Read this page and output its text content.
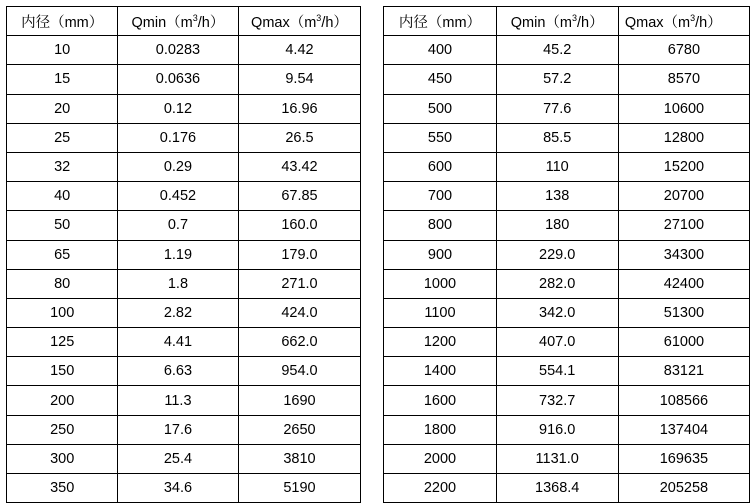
内径（mm）	$Qmin(m^3/h)$	$Qmax(m^3/h)$
10	0.0283	4.42
15	0.0636	9.54
20	0.12	16.96
25	0.176	26.5
32	0.29	43.42
40	0.452	67.85
50	0.7	160.0
65	1.19	179.0
80	1.8	271.0
100	2.82	424.0
125	4.41	662.0
150	6.63	954.0
200	11.3	1690
250	17.6	2650
300	25.4	3810
350	34.6	5190
内径（mm）	$Qmin(m^3/h)$	$Qmax(m^3/h)$
400	45.2	6780
450	57.2	8570
500	77.6	10600
550	85.5	12800
600	110	15200
700	138	20700
800	180	27100
900	229.0	34300
1000	282.0	42400
1100	342.0	51300
1200	407.0	61000
1400	554.1	83121
1600	732.7	108566
1800	916.0	137404
2000	1131.0	169635
2200	1368.4	205258
